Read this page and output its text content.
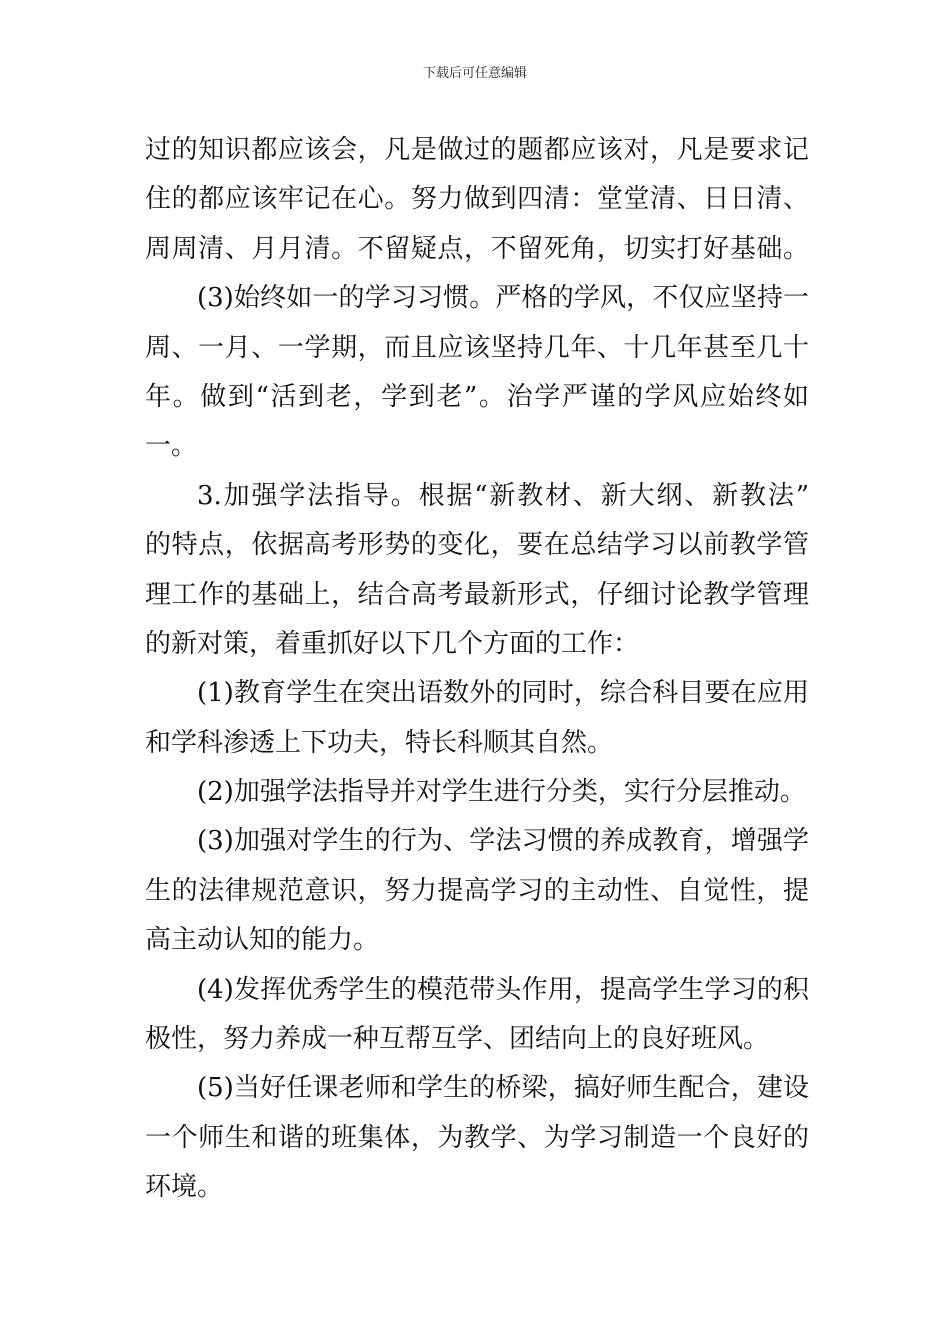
下载后可任意编辑
过的知识都应该会，凡是做过的题都应该对，凡是要求记
住的都应该牢记在心。努力做到四清：堂堂清、日日清、
周周清、月月清。不留疑点，不留死角，切实打好基础。
(3)始终如一的学习习惯。严格的学风，不仅应坚持一
周、一月、一学期，而且应该坚持几年、十几年甚至几十
年。做到“活到老，学到老”。治学严谨的学风应始终如
一。
3.加强学法指导。根据“新教材、新大纲、新教法”
的特点，依据高考形势的变化，要在总结学习以前教学管
理工作的基础上，结合高考最新形式，仔细讨论教学管理
的新对策，着重抓好以下几个方面的工作：
(1)教育学生在突出语数外的同时，综合科目要在应用
和学科渗透上下功夫，特长科顺其自然。
(2)加强学法指导并对学生进行分类，实行分层推动。
(3)加强对学生的行为、学法习惯的养成教育，增强学
生的法律规范意识，努力提高学习的主动性、自觉性，提
高主动认知的能力。
(4)发挥优秀学生的模范带头作用，提高学生学习的积
极性，努力养成一种互帮互学、团结向上的良好班风。
(5)当好任课老师和学生的桥梁，搞好师生配合，建设
一个师生和谐的班集体，为教学、为学习制造一个良好的
环境。
